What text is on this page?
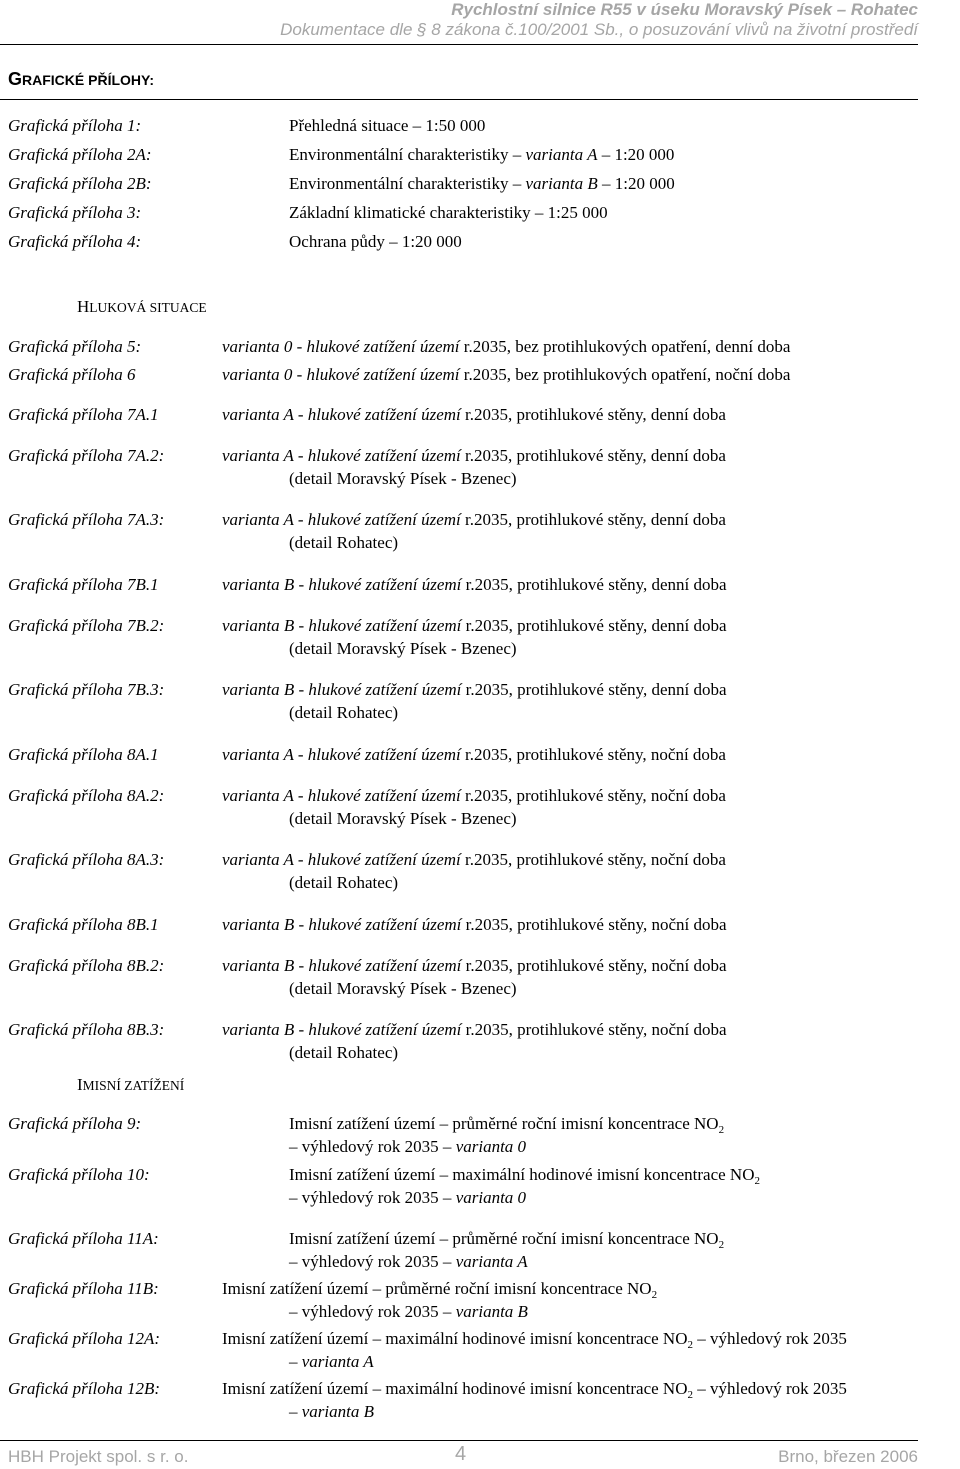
Rychlostní silnice R55 v úseku Moravský Písek – Rohatec
Dokumentace dle § 8 zákona č.100/2001 Sb., o posuzování vlivů na životní prostředí
GRAFICKÉ PŘÍLOHY:
Grafická příloha 1:	Přehledná situace – 1:50 000
Grafická příloha 2A:	Environmentální charakteristiky – varianta A – 1:20 000
Grafická příloha 2B:	Environmentální charakteristiky – varianta B – 1:20 000
Grafická příloha 3:	Základní klimatické charakteristiky – 1:25 000
Grafická příloha 4:	Ochrana půdy – 1:20 000
HLUKOVÁ SITUACE
Grafická příloha 5:	varianta 0 - hlukové zatížení území r.2035, bez protihlukových opatření, denní doba
Grafická příloha 6	varianta 0 - hlukové zatížení území r.2035, bez protihlukových opatření, noční doba
Grafická příloha 7A.1	varianta A - hlukové zatížení území r.2035, protihlukové stěny, denní doba
Grafická příloha 7A.2:	varianta A - hlukové zatížení území r.2035, protihlukové stěny, denní doba
(detail Moravský Písek - Bzenec)
Grafická příloha 7A.3:	varianta A - hlukové zatížení území r.2035, protihlukové stěny, denní doba
(detail Rohatec)
Grafická příloha 7B.1	varianta B - hlukové zatížení území r.2035, protihlukové stěny, denní doba
Grafická příloha 7B.2:	varianta B - hlukové zatížení území r.2035, protihlukové stěny, denní doba
(detail Moravský Písek - Bzenec)
Grafická příloha 7B.3:	varianta B - hlukové zatížení území r.2035, protihlukové stěny, denní doba
(detail Rohatec)
Grafická příloha 8A.1	varianta A - hlukové zatížení území r.2035, protihlukové stěny, noční doba
Grafická příloha 8A.2:	varianta A - hlukové zatížení území r.2035, protihlukové stěny, noční doba
(detail Moravský Písek - Bzenec)
Grafická příloha 8A.3:	varianta A - hlukové zatížení území r.2035, protihlukové stěny, noční doba
(detail Rohatec)
Grafická příloha 8B.1	varianta B - hlukové zatížení území r.2035, protihlukové stěny, noční doba
Grafická příloha 8B.2:	varianta B - hlukové zatížení území r.2035, protihlukové stěny, noční doba
(detail Moravský Písek - Bzenec)
Grafická příloha 8B.3:	varianta B - hlukové zatížení území r.2035, protihlukové stěny, noční doba
(detail Rohatec)
IMISNÍ ZATÍŽENÍ
Grafická příloha 9:	Imisní zatížení území – průměrné roční imisní koncentrace $NO_2$
– výhledový rok 2035 – varianta 0
Grafická příloha 10:	Imisní zatížení území – maximální hodinové imisní koncentrace $NO_2$
– výhledový rok 2035 – varianta 0
Grafická příloha 11A:	Imisní zatížení území – průměrné roční imisní koncentrace $NO_2$
– výhledový rok 2035 – varianta A
Grafická příloha 11B:	Imisní zatížení území – průměrné roční imisní koncentrace $NO_2$
– výhledový rok 2035 – varianta B
Grafická příloha 12A:	Imisní zatížení území – maximální hodinové imisní koncentrace $NO_2$ – výhledový rok 2035
– varianta A
Grafická příloha 12B:	Imisní zatížení území – maximální hodinové imisní koncentrace $NO_2$ – výhledový rok 2035
– varianta B
HBH Projekt spol. s r. o.	4	Brno, březen 2006
